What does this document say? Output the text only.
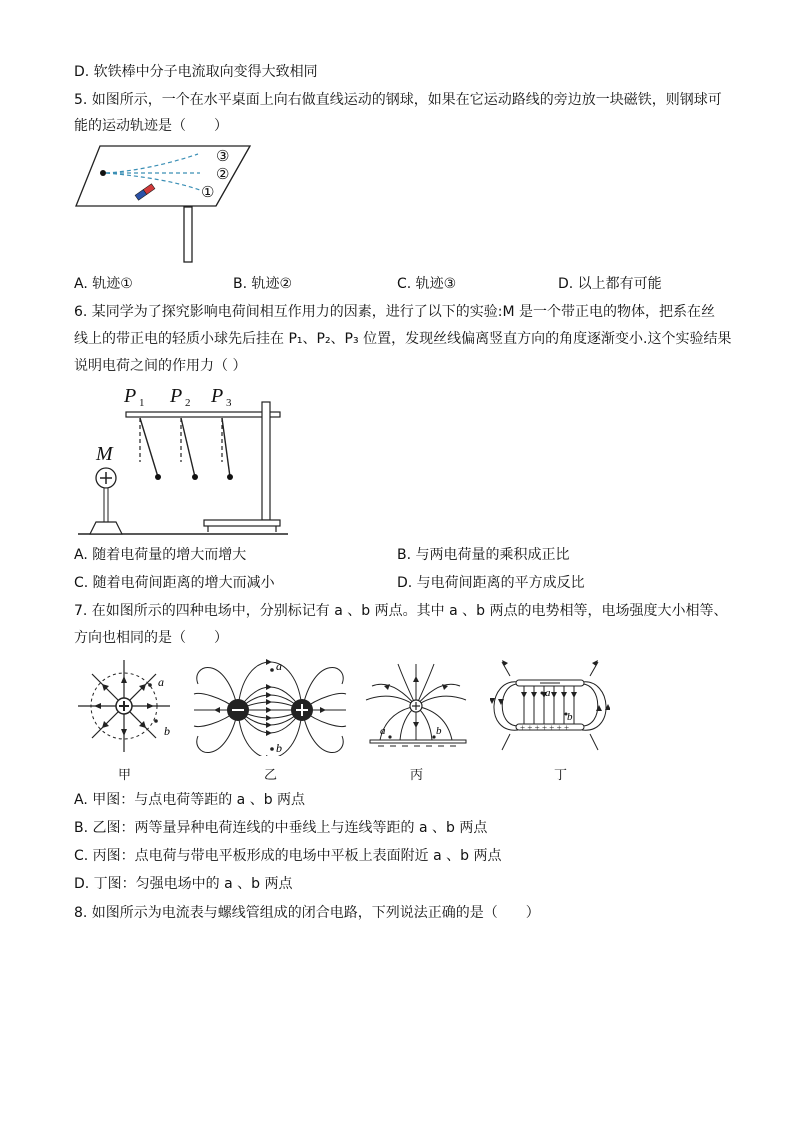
D. 软铁棒中分子电流取向变得大致相同
5. 如图所示，一个在水平桌面上向右做直线运动的钢球，如果在它运动路线的旁边放一块磁铁，则钢球可
能的运动轨迹是（　　）
③
②
①
A. 轨迹①	B. 轨迹②	C. 轨迹③	D. 以上都有可能
6. 某同学为了探究影响电荷间相互作用力的因素，进行了以下的实验:M 是一个带正电的物体，把系在丝
线上的带正电的轻质小球先后挂在 P₁、P₂、P₃ 位置，发现丝线偏离竖直方向的角度逐渐变小.这个实验结果
说明电荷之间的作用力（ ）
M
P 1 P 2 P 3
A. 随着电荷量的增大而增大	B. 与两电荷量的乘积成正比
C. 随着电荷间距离的增大而减小	D. 与电荷间距离的平方成反比
7. 在如图所示的四种电场中，分别标记有 a 、b 两点。其中 a 、b 两点的电势相等，电场强度大小相等、
方向也相同的是（　　）
a
b
a
b
a	b	+ + + + + + +
a
b
甲	乙	丙	丁
A. 甲图：与点电荷等距的 a 、b 两点
B. 乙图：两等量异种电荷连线的中垂线上与连线等距的 a 、b 两点
C. 丙图：点电荷与带电平板形成的电场中平板上表面附近 a 、b 两点
D. 丁图：匀强电场中的 a 、b 两点
8. 如图所示为电流表与螺线管组成的闭合电路，下列说法正确的是（　　）
